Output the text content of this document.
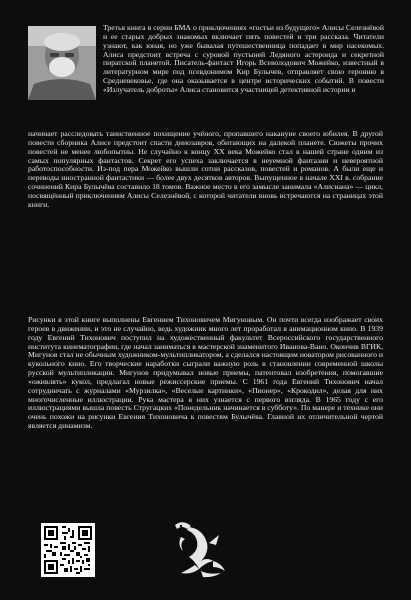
Третья книга в серии БМА о приключениях «гостьи из будущего» Алисы Селезнёвой и ее старых добрых знакомых включает пять повестей и три рассказа. Читатели узнают, как юная, но уже бывалая путешественница попадает в мир насекомых. Алиса предстоит встреча с суровой пустыней Ледяного астероида и секретной пиратской планетой. Писатель-фантаст Игорь Всеволодович Можейко, известный в литературном мире под псевдонимом Кир Булычев, отправляет свою героиню в Средневековье, где она оказывается в центре исторических событий. В повести «Излучатель доброты» Алиса становится участницей детективной истории и

начинает расследовать таинственное похищение учёного, пропавшего накануне своего юбилея. В другой повести сборника Алисе предстоит спасти динозавров, обитающих на далекой планете. Сюжеты прочих повестей не менее любопытны. Не случайно к концу XX века Можейко стал в нашей стране одним из самых популярных фантастов. Секрет его успеха заключается в неуемной фантазии и невероятной работоспособности. Из-под пера Можейко вышли сотни рассказов, повестей и романов. А были еще и переводы иностранной фантастики — более двух десятков авторов. Выпущенное в начале XXI в. собрание сочинений Кира Булычёва составило 18 томов. Важное место в его замысле занимала «Алисиана» — цикл, посвящённый приключениям Алисы Селезнёвой, с которой читатели вновь встречаются на страницах этой книги.

Рисунки в этой книге выполнены Евгением Тихоновичем Мигуновым. Он почти всегда изображает своих героев в движении, и это не случайно, ведь художник много лет проработал в анимационном кино. В 1939 году Евгений Тихонович поступил на художественный факультет Всероссийского государственного института кинематографии, где начал заниматься в мастерской знаменитого Иванова-Вано. Окончив ВГИК, Мигунов стал не обычным художником-мультипликатором, а сделался настоящим новатором рисованного и кукольного кино. Его творческие наработки сыграли важную роль в становлении современной школы русской мультипликации. Мигунов придумывал новые приемы, патентовал изобретения, помогавшие «оживлять» кукол, предлагал новые режиссерские приемы. С 1961 года Евгений Тихонович начал сотрудничать с журналами «Мурзилка», «Веселые картинки», «Пионер», «Крокодил», делая для них многочисленные иллюстрации. Рука мастера в них узнается с первого взгляда. В 1965 году с его иллюстрациями вышла повесть Стругацких «Понедельник начинается в субботу». По манере и технике они очень похожи на рисунки Евгения Тихоновича к повестям Булычёва. Главной их отличительной чертой является динамизм.
